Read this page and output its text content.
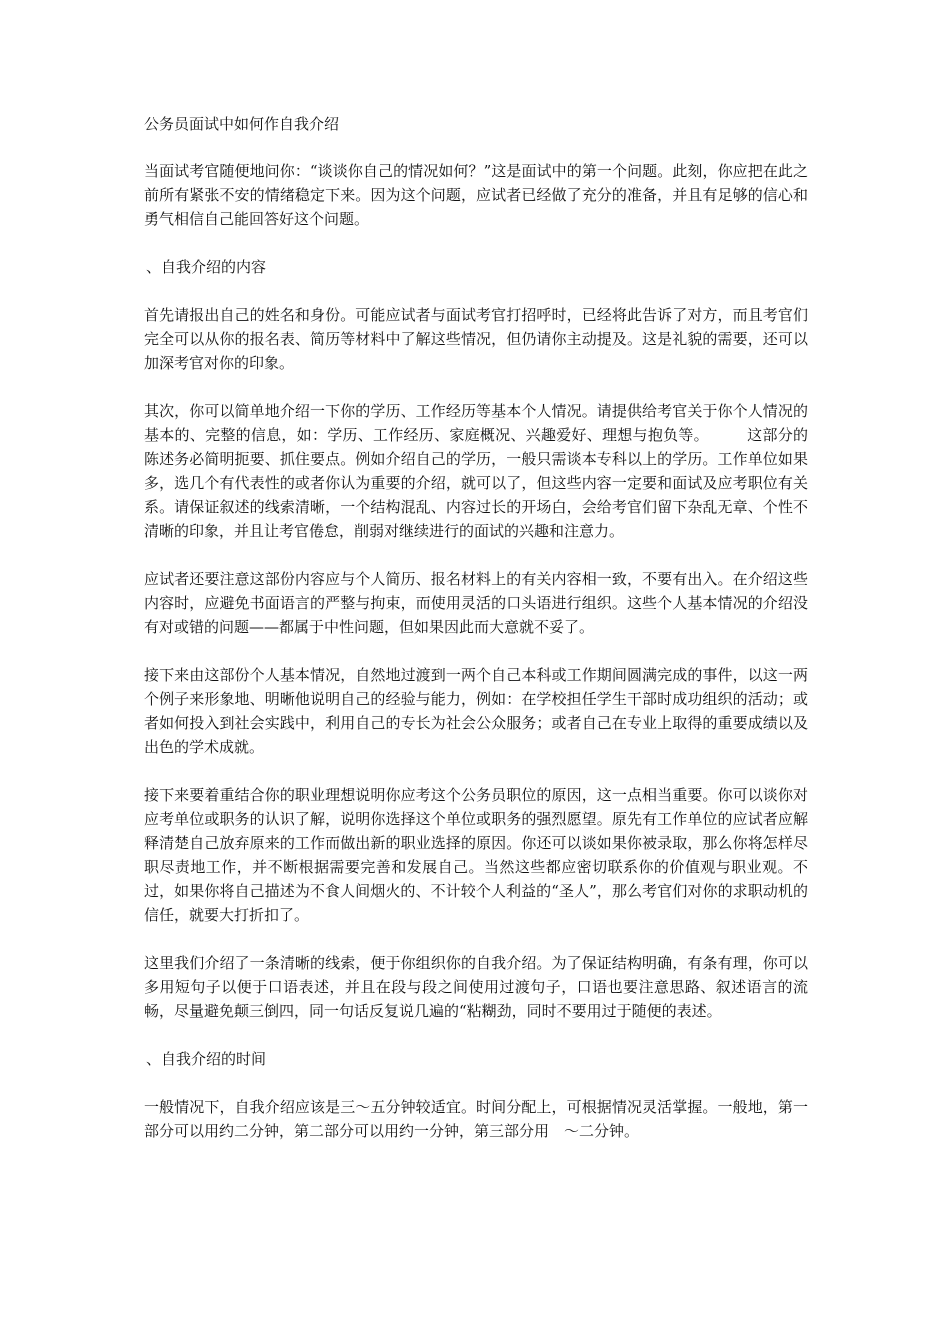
公务员面试中如何作自我介绍

当面试考官随便地问你：“谈谈你自己的情况如何？”这是面试中的第一个问题。此刻，你应把在此之前所有紧张不安的情绪稳定下来。因为这个问题，应试者已经做了充分的准备，并且有足够的信心和勇气相信自己能回答好这个问题。

、自我介绍的内容

首先请报出自己的姓名和身份。可能应试者与面试考官打招呼时，已经将此告诉了对方，而且考官们完全可以从你的报名表、简历等材料中了解这些情况，但仍请你主动提及。这是礼貌的需要，还可以加深考官对你的印象。

其次，你可以简单地介绍一下你的学历、工作经历等基本个人情况。请提供给考官关于你个人情况的基本的、完整的信息，如：学历、工作经历、家庭概况、兴趣爱好、理想与抱负等。　　　这部分的陈述务必简明扼要、抓住要点。例如介绍自己的学历，一般只需谈本专科以上的学历。工作单位如果多，选几个有代表性的或者你认为重要的介绍，就可以了，但这些内容一定要和面试及应考职位有关系。请保证叙述的线索清晰，一个结构混乱、内容过长的开场白，会给考官们留下杂乱无章、个性不清晰的印象，并且让考官倦怠，削弱对继续进行的面试的兴趣和注意力。

应试者还要注意这部份内容应与个人简历、报名材料上的有关内容相一致，不要有出入。在介绍这些内容时，应避免书面语言的严整与拘束，而使用灵活的口头语进行组织。这些个人基本情况的介绍没有对或错的问题——都属于中性问题，但如果因此而大意就不妥了。

接下来由这部份个人基本情况，自然地过渡到一两个自己本科或工作期间圆满完成的事件，以这一两个例子来形象地、明晰他说明自己的经验与能力，例如：在学校担任学生干部时成功组织的活动；或者如何投入到社会实践中，利用自己的专长为社会公众服务；或者自己在专业上取得的重要成绩以及出色的学术成就。

接下来要着重结合你的职业理想说明你应考这个公务员职位的原因，这一点相当重要。你可以谈你对应考单位或职务的认识了解，说明你选择这个单位或职务的强烈愿望。原先有工作单位的应试者应解释清楚自己放弃原来的工作而做出新的职业选择的原因。你还可以谈如果你被录取，那么你将怎样尽职尽责地工作，并不断根据需要完善和发展自己。当然这些都应密切联系你的价值观与职业观。不过，如果你将自己描述为不食人间烟火的、不计较个人利益的“圣人”，那么考官们对你的求职动机的信任，就要大打折扣了。

这里我们介绍了一条清晰的线索，便于你组织你的自我介绍。为了保证结构明确，有条有理，你可以多用短句子以便于口语表述，并且在段与段之间使用过渡句子，口语也要注意思路、叙述语言的流畅，尽量避免颠三倒四，同一句话反复说几遍的“粘糊劲，同时不要用过于随便的表述。

、自我介绍的时间

一般情况下，自我介绍应该是三～五分钟较适宜。时间分配上，可根据情况灵活掌握。一般地，第一部分可以用约二分钟，第二部分可以用约一分钟，第三部分用　～二分钟。
